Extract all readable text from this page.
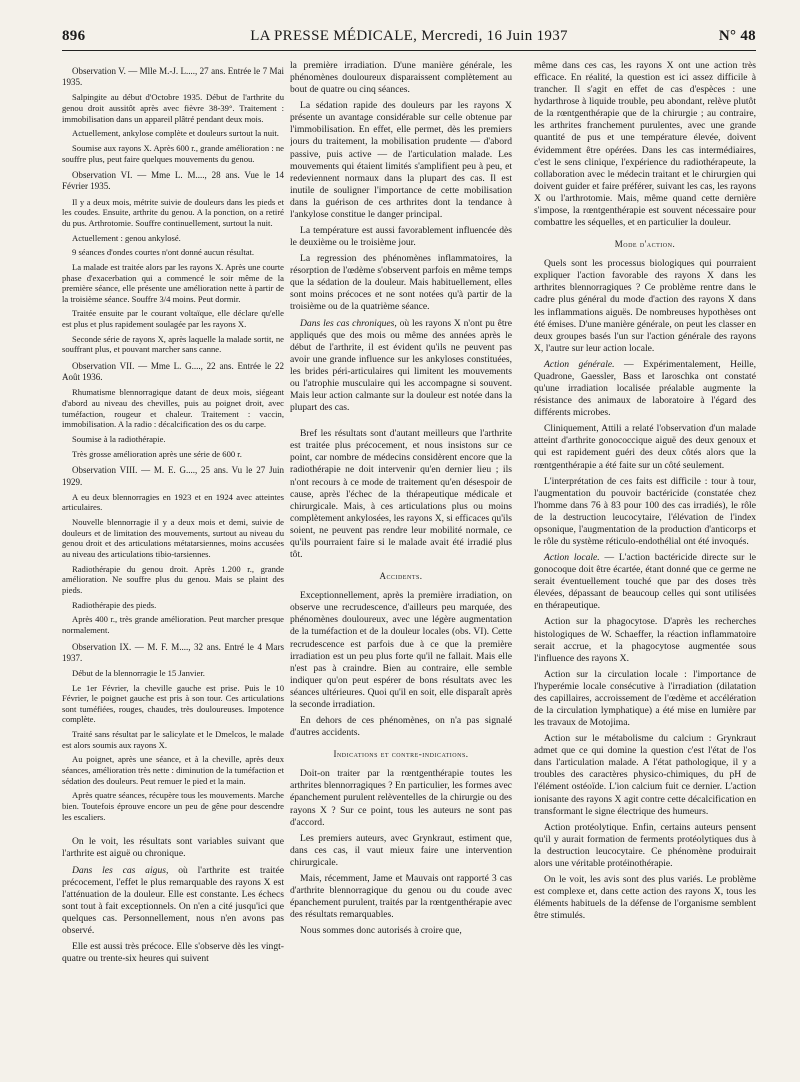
896	LA PRESSE MÉDICALE, Mercredi, 16 Juin 1937	N° 48

Observation V. — Mlle M.-J. L...., 27 ans. Entrée le 7 Mai 1935.

Salpingite au début d'Octobre 1935. Début de l'arthrite du genou droit aussitôt après avec fièvre 38-39°. Traitement : immobilisation dans un appareil plâtré pendant deux mois.

Actuellement, ankylose complète et douleurs surtout la nuit.

Soumise aux rayons X. Après 600 r., grande amélioration : ne souffre plus, peut faire quelques mouvements du genou.

Observation VI. — Mme L. M...., 28 ans. Vue le 14 Février 1935.

Il y a deux mois, métrite suivie de douleurs dans les pieds et les coudes. Ensuite, arthrite du genou. A la ponction, on a retiré du pus. Arthrotomie. Souffre continuellement, surtout la nuit.

Actuellement : genou ankylosé.

9 séances d'ondes courtes n'ont donné aucun résultat.

La malade est traitée alors par les rayons X. Après une courte phase d'exacerbation qui a commencé le soir même de la première séance, elle présente une amélioration nette à partir de la troisième séance. Souffre 3/4 moins. Peut dormir.

Traitée ensuite par le courant voltaïque, elle déclare qu'elle est plus et plus rapidement soulagée par les rayons X.

Seconde série de rayons X, après laquelle la malade sortit, ne souffrant plus, et pouvant marcher sans canne.

Observation VII. — Mme L. G...., 22 ans. Entrée le 22 Août 1936.

Rhumatisme blennorragique datant de deux mois, siégeant d'abord au niveau des chevilles, puis au poignet droit, avec tuméfaction, rougeur et chaleur. Traitement : vaccin, immobilisation. A la radio : décalcification des os du carpe.

Soumise à la radiothérapie.

Très grosse amélioration après une série de 600 r.

Observation VIII. — M. E. G...., 25 ans. Vu le 27 Juin 1929.

A eu deux blennorragies en 1923 et en 1924 avec atteintes articulaires.

Nouvelle blennorragie il y a deux mois et demi, suivie de douleurs et de limitation des mouvements, surtout au niveau du genou droit et des articulations métatarsiennes, moins accusées au niveau des articulations tibio-tarsiennes.

Radiothérapie du genou droit. Après 1.200 r., grande amélioration. Ne souffre plus du genou. Mais se plaint des pieds.

Radiothérapie des pieds.

Après 400 r., très grande amélioration. Peut marcher presque normalement.

Observation IX. — M. F. M...., 32 ans. Entré le 4 Mars 1937.

Début de la blennorragie le 15 Janvier.

Le 1er Février, la cheville gauche est prise. Puis le 10 Février, le poignet gauche est pris à son tour. Ces articulations sont tuméfiées, rouges, chaudes, très douloureuses. Impotence complète.

Traité sans résultat par le salicylate et le Dmelcos, le malade est alors soumis aux rayons X.

Au poignet, après une séance, et à la cheville, après deux séances, amélioration très nette : diminution de la tuméfaction et sédation des douleurs. Peut remuer le pied et la main.

Après quatre séances, récupère tous les mouvements. Marche bien. Toutefois éprouve encore un peu de gêne pour descendre les escaliers.

On le voit, les résultats sont variables suivant que l'arthrite est aiguë ou chronique.

Dans les cas aigus, où l'arthrite est traitée précocement, l'effet le plus remarquable des rayons X est l'atténuation de la douleur. Elle est constante. Les échecs sont tout à fait exceptionnels. On n'en a cité jusqu'ici que quelques cas. Personnellement, nous n'en avons pas observé.

Elle est aussi très précoce. Elle s'observe dès les vingt-quatre ou trente-six heures qui suivent

la première irradiation. D'une manière générale, les phénomènes douloureux disparaissent complètement au bout de quatre ou cinq séances.

La sédation rapide des douleurs par les rayons X présente un avantage considérable sur celle obtenue par l'immobilisation. En effet, elle permet, dès les premiers jours du traitement, la mobilisation prudente — d'abord passive, puis active — de l'articulation malade. Les mouvements qui étaient limités s'amplifient peu à peu, et redeviennent normaux dans la plupart des cas. Il est inutile de souligner l'importance de cette mobilisation dans la guérison de ces arthrites dont la tendance à l'ankylose constitue le danger principal.

La température est aussi favorablement influencée dès le deuxième ou le troisième jour.

La regression des phénomènes inflammatoires, la résorption de l'œdème s'observent parfois en même temps que la sédation de la douleur. Mais habituellement, elles sont moins précoces et ne sont notées qu'à partir de la troisième ou de la quatrième séance.

Dans les cas chroniques, où les rayons X n'ont pu être appliqués que des mois ou même des années après le début de l'arthrite, il est évident qu'ils ne peuvent pas avoir une grande influence sur les ankyloses constituées, les brides péri-articulaires qui limitent les mouvements ou l'atrophie musculaire qui les accompagne si souvent. Mais leur action calmante sur la douleur est notée dans la plupart des cas.

Bref les résultats sont d'autant meilleurs que l'arthrite est traitée plus précocement, et nous insistons sur ce point, car nombre de médecins considèrent encore que la radiothérapie ne doit intervenir qu'en dernier lieu ; ils n'ont recours à ce mode de traitement qu'en désespoir de cause, après l'échec de la thérapeutique médicale et chirurgicale. Mais, à ces articulations plus ou moins complètement ankylosées, les rayons X, si efficaces qu'ils soient, ne peuvent pas rendre leur mobilité normale, ce qu'ils pourraient faire si le malade avait été irradié plus tôt.

Accidents.

Exceptionnellement, après la première irradiation, on observe une recrudescence, d'ailleurs peu marquée, des phénomènes douloureux, avec une légère augmentation de la tuméfaction et de la douleur locales (obs. VI). Cette recrudescence est parfois due à ce que la première irradiation est un peu plus forte qu'il ne fallait. Mais elle n'est pas à craindre. Bien au contraire, elle semble indiquer qu'on peut espérer de bons résultats avec les séances ultérieures. Quoi qu'il en soit, elle disparaît après la seconde irradiation.

En dehors de ces phénomènes, on n'a pas signalé d'autres accidents.

Indications et contre-indications.

Doit-on traiter par la rœntgenthérapie toutes les arthrites blennorragiques ? En particulier, les formes avec épanchement purulent relèventelles de la chirurgie ou des rayons X ? Sur ce point, tous les auteurs ne sont pas d'accord.

Les premiers auteurs, avec Grynkraut, estiment que, dans ces cas, il vaut mieux faire une intervention chirurgicale.

Mais, récemment, Jame et Mauvais ont rapporté 3 cas d'arthrite blennorragique du genou ou du coude avec épanchement purulent, traités par la rœntgenthérapie avec des résultats remarquables.

Nous sommes donc autorisés à croire que,

même dans ces cas, les rayons X ont une action très efficace. En réalité, la question est ici assez difficile à trancher. Il s'agit en effet de cas d'espèces : une hydarthrose à liquide trouble, peu abondant, relève plutôt de la rœntgenthérapie que de la chirurgie ; au contraire, les arthrites franchement purulentes, avec une grande quantité de pus et une température élevée, doivent évidemment être opérées. Dans les cas intermédiaires, c'est le sens clinique, l'expérience du radiothérapeute, la collaboration avec le médecin traitant et le chirurgien qui doivent guider et faire préférer, suivant les cas, les rayons X ou l'arthrotomie. Mais, même quand cette dernière s'impose, la rœntgenthérapie est souvent nécessaire pour combattre les séquelles, et en particulier la douleur.

Mode d'action.

Quels sont les processus biologiques qui pourraient expliquer l'action favorable des rayons X dans les arthrites blennorragiques ? Ce problème rentre dans le cadre plus général du mode d'action des rayons X dans les inflammations aiguës. De nombreuses hypothèses ont été émises. D'une manière générale, on peut les classer en deux groupes basés l'un sur l'action générale des rayons X, l'autre sur leur action locale.

Action générale. — Expérimentalement, Heille, Quadrone, Gaessler, Bass et Iaroschka ont constaté qu'une irradiation localisée préalable augmente la résistance des animaux de laboratoire à l'égard des différents microbes.

Cliniquement, Attili a relaté l'observation d'un malade atteint d'arthrite gonococcique aiguë des deux genoux et qui est rapidement guéri des deux côtés alors que la rœntgenthérapie a été faite sur un côté seulement.

L'interprétation de ces faits est difficile : tour à tour, l'augmentation du pouvoir bactéricide (constatée chez l'homme dans 76 à 83 pour 100 des cas irradiés), le rôle de la destruction leucocytaire, l'élévation de l'index opsonique, l'augmentation de la production d'anticorps et le rôle du système réticulo-endothélial ont été invoqués.

Action locale. — L'action bactéricide directe sur le gonocoque doit être écartée, étant donné que ce germe ne serait éventuellement touché que par des doses très élevées, dépassant de beaucoup celles qui sont utilisées en thérapeutique.

Action sur la phagocytose. D'après les recherches histologiques de W. Schaeffer, la réaction inflammatoire serait accrue, et la phagocytose augmentée sous l'influence des rayons X.

Action sur la circulation locale : l'importance de l'hyperémie locale consécutive à l'irradiation (dilatation des capillaires, accroissement de l'œdème et accélération de la circulation lymphatique) a été mise en lumière par les travaux de Motojima.

Action sur le métabolisme du calcium : Grynkraut admet que ce qui domine la question c'est l'état de l'os dans l'articulation malade. A l'état pathologique, il y a troubles des caractères physico-chimiques, du pH de l'élément ostéoïde. L'ion calcium fuit ce dernier. L'action ionisante des rayons X agit contre cette décalcification en transformant le signe électrique des humeurs.

Action protéolytique. Enfin, certains auteurs pensent qu'il y aurait formation de ferments protéolytiques dus à la destruction leucocytaire. Ce phénomène produirait alors une véritable protéinothérapie.

On le voit, les avis sont des plus variés. Le problème est complexe et, dans cette action des rayons X, tous les éléments habituels de la défense de l'organisme semblent être stimulés.
